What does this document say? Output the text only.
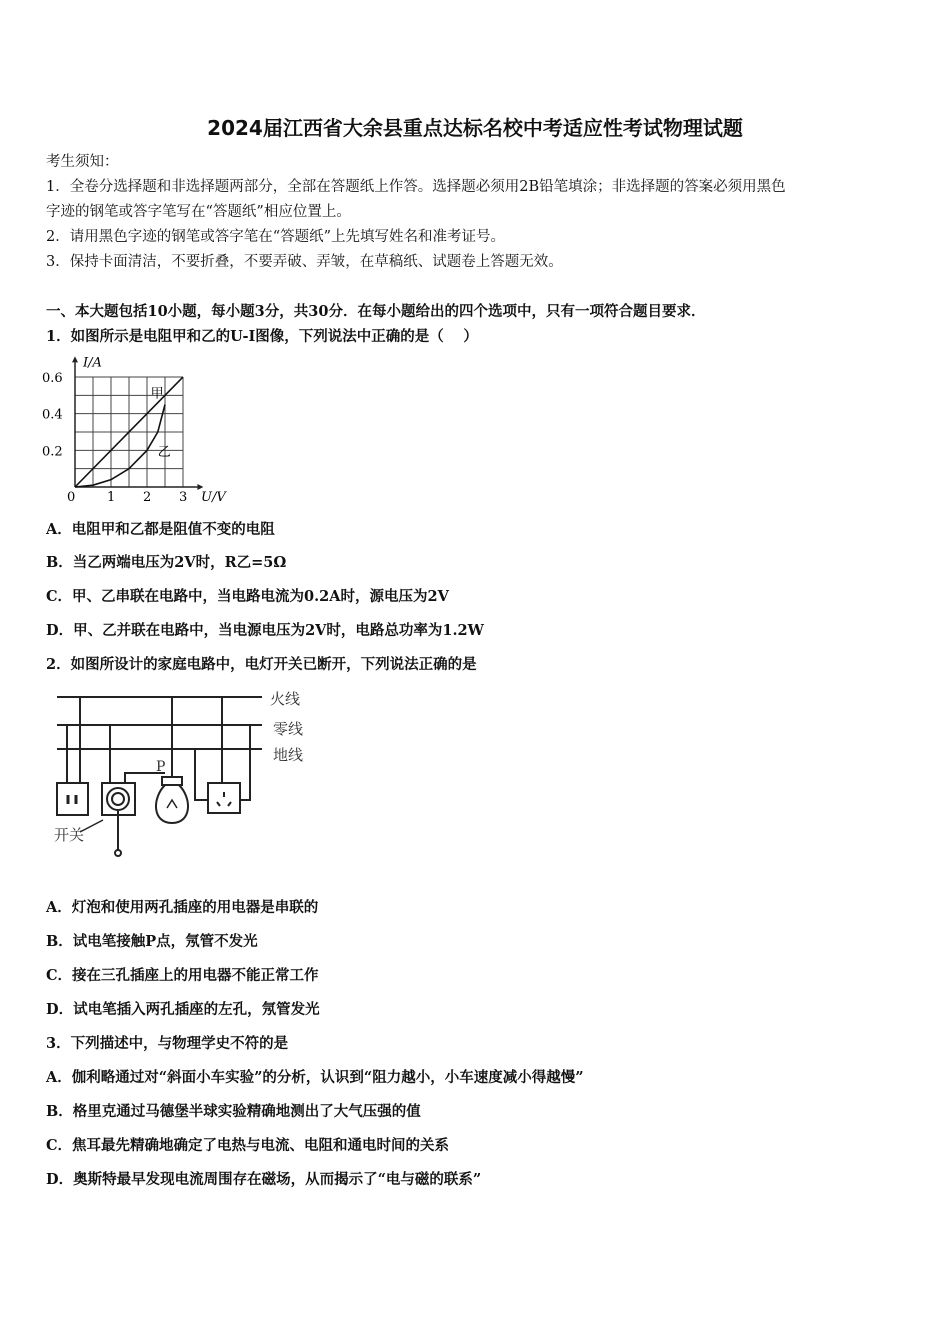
2024届江西省大余县重点达标名校中考适应性考试物理试题
考生须知：
1．全卷分选择题和非选择题两部分，全部在答题纸上作答。选择题必须用2B铅笔填涂；非选择题的答案必须用黑色
字迹的钢笔或答字笔写在“答题纸”相应位置上。
2．请用黑色字迹的钢笔或答字笔在“答题纸”上先填写姓名和准考证号。
3．保持卡面清洁，不要折叠，不要弄破、弄皱，在草稿纸、试题卷上答题无效。
一、本大题包括10小题，每小题3分，共30分．在每小题给出的四个选项中，只有一项符合题目要求．
1．如图所示是电阻甲和乙的U-I图像，下列说法中正确的是（　 ）
0 1 2 3
0.2
0.4
0.6
U/V
I/A
甲
乙
A．电阻甲和乙都是阻值不变的电阻
B．当乙两端电压为2V时，R乙=5Ω
C．甲、乙串联在电路中，当电路电流为0.2A时，源电压为2V
D．甲、乙并联在电路中，当电源电压为2V时，电路总功率为1.2W
2．如图所设计的家庭电路中，电灯开关已断开，下列说法正确的是
火线
零线
地线
开关
P
A．灯泡和使用两孔插座的用电器是串联的
B．试电笔接触P点，氖管不发光
C．接在三孔插座上的用电器不能正常工作
D．试电笔插入两孔插座的左孔，氖管发光
3．下列描述中，与物理学史不符的是
A．伽利略通过对“斜面小车实验”的分析，认识到“阻力越小，小车速度减小得越慢”
B．格里克通过马德堡半球实验精确地测出了大气压强的值
C．焦耳最先精确地确定了电热与电流、电阻和通电时间的关系
D．奥斯特最早发现电流周围存在磁场，从而揭示了“电与磁的联系”
